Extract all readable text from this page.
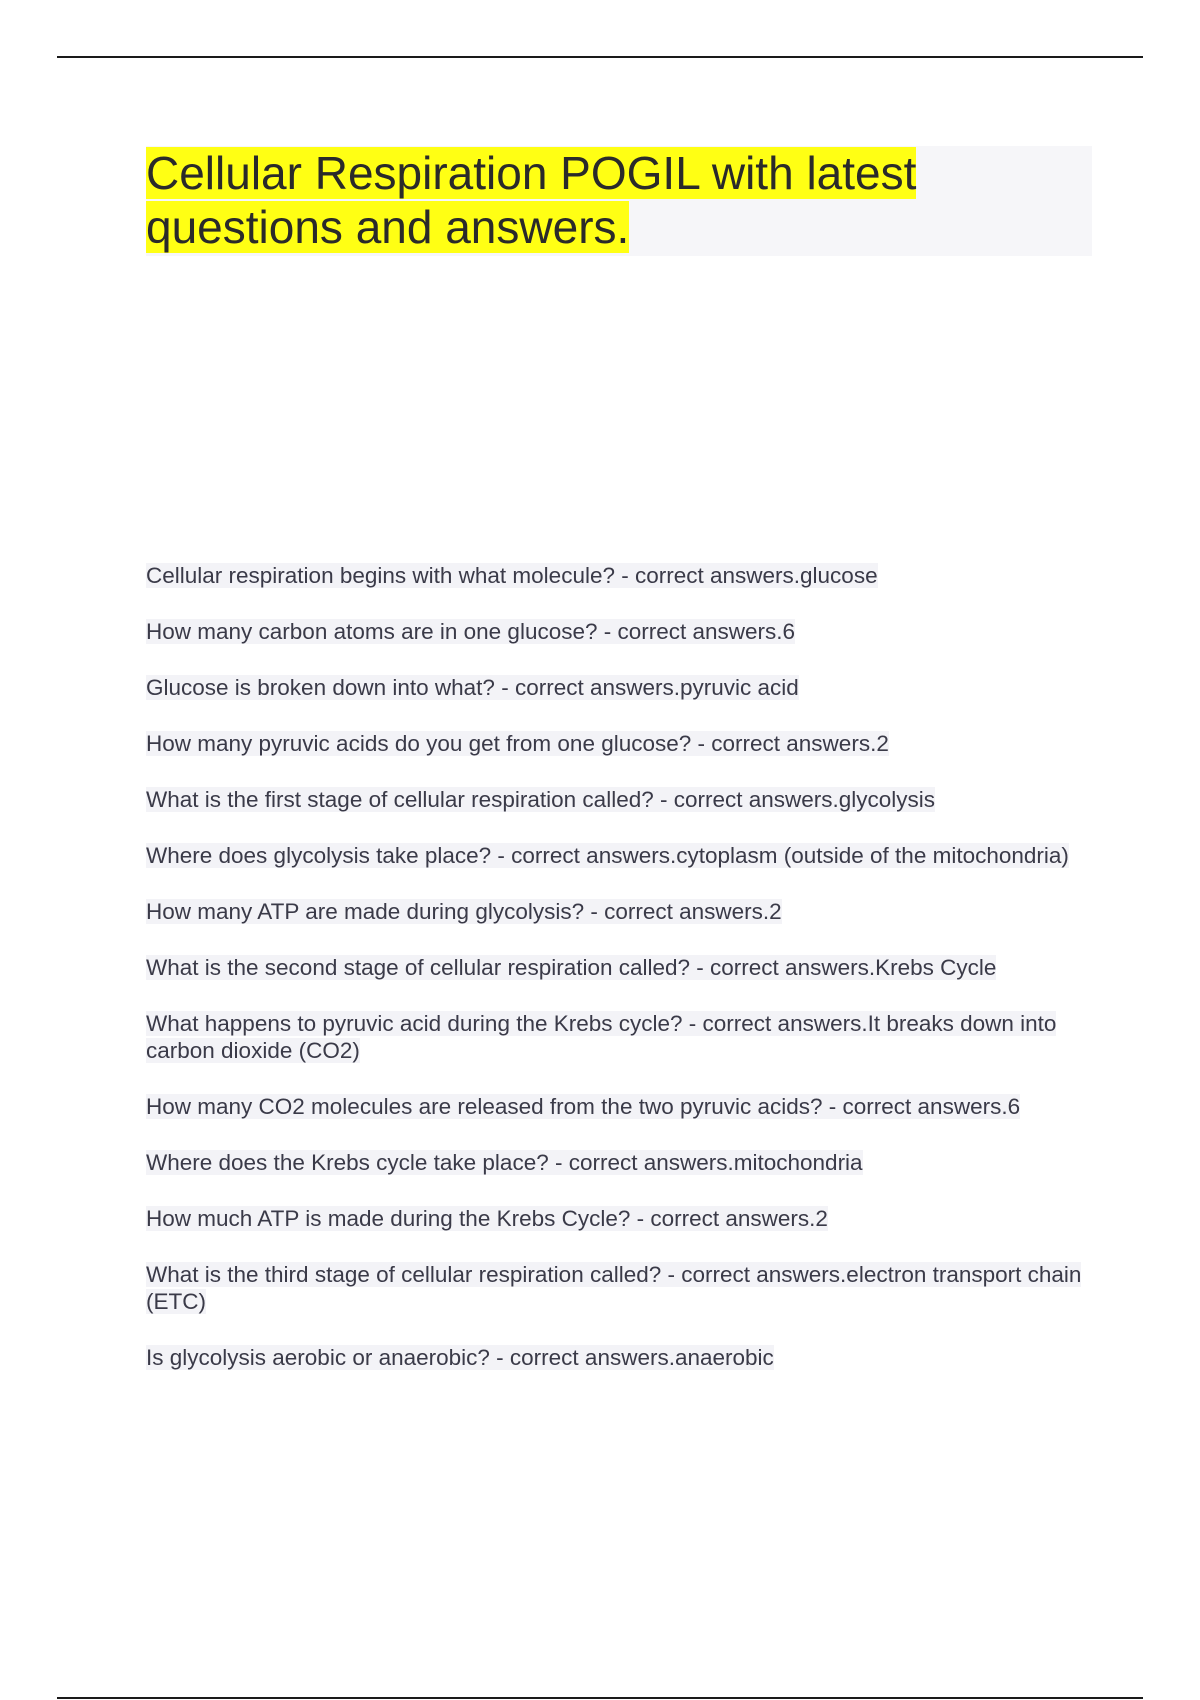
Cellular Respiration POGIL with latest questions and answers.
Cellular respiration begins with what molecule? - correct answers.glucose
How many carbon atoms are in one glucose? - correct answers.6
Glucose is broken down into what? - correct answers.pyruvic acid
How many pyruvic acids do you get from one glucose? - correct answers.2
What is the first stage of cellular respiration called? - correct answers.glycolysis
Where does glycolysis take place? - correct answers.cytoplasm (outside of the mitochondria)
How many ATP are made during glycolysis? - correct answers.2
What is the second stage of cellular respiration called? - correct answers.Krebs Cycle
What happens to pyruvic acid during the Krebs cycle? - correct answers.It breaks down into carbon dioxide (CO2)
How many CO2 molecules are released from the two pyruvic acids? - correct answers.6
Where does the Krebs cycle take place? - correct answers.mitochondria
How much ATP is made during the Krebs Cycle? - correct answers.2
What is the third stage of cellular respiration called? - correct answers.electron transport chain (ETC)
Is glycolysis aerobic or anaerobic? - correct answers.anaerobic
